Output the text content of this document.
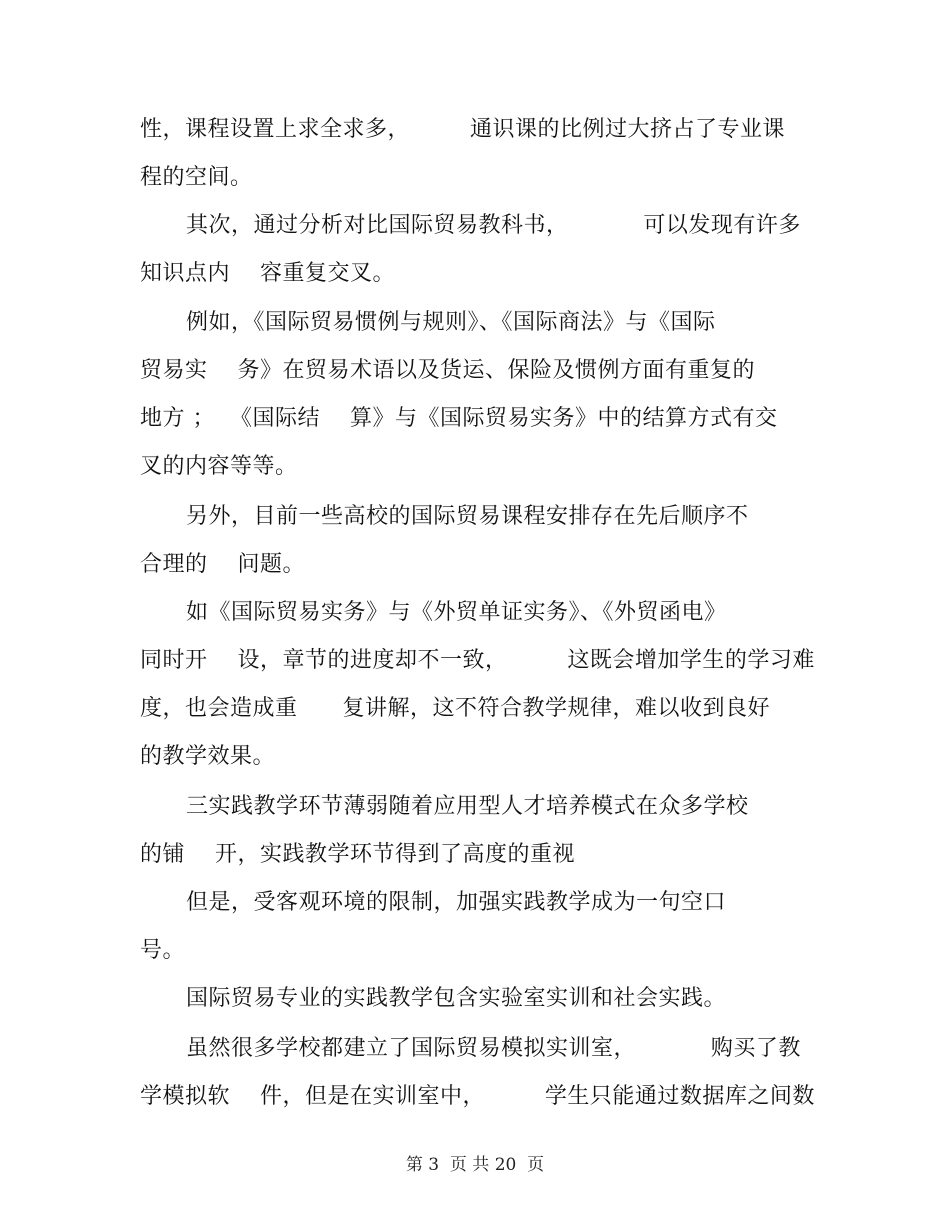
性，课程设置上求全求多，        通识课的比例过大挤占了专业课
程的空间。
其次，通过分析对比国际贸易教科书，          可以发现有许多
知识点内    容重复交叉。
例如，《国际贸易惯例与规则》、《国际商法》与《国际
贸易实    务》在贸易术语以及货运、保险及惯例方面有重复的
地方 ；  《国际结    算》与《国际贸易实务》中的结算方式有交
叉的内容等等。
另外，目前一些高校的国际贸易课程安排存在先后顺序不
合理的    问题。
如《国际贸易实务》与《外贸单证实务》、《外贸函电》
同时开    设，章节的进度却不一致，        这既会增加学生的学习难
度，也会造成重      复讲解，这不符合教学规律，难以收到良好
的教学效果。
三实践教学环节薄弱随着应用型人才培养模式在众多学校
的铺    开，实践教学环节得到了高度的重视
但是，受客观环境的限制，加强实践教学成为一句空口
号。
国际贸易专业的实践教学包含实验室实训和社会实践。
虽然很多学校都建立了国际贸易模拟实训室，          购买了教
学模拟软    件，但是在实训室中，        学生只能通过数据库之间数
第 3  页 共 20  页
